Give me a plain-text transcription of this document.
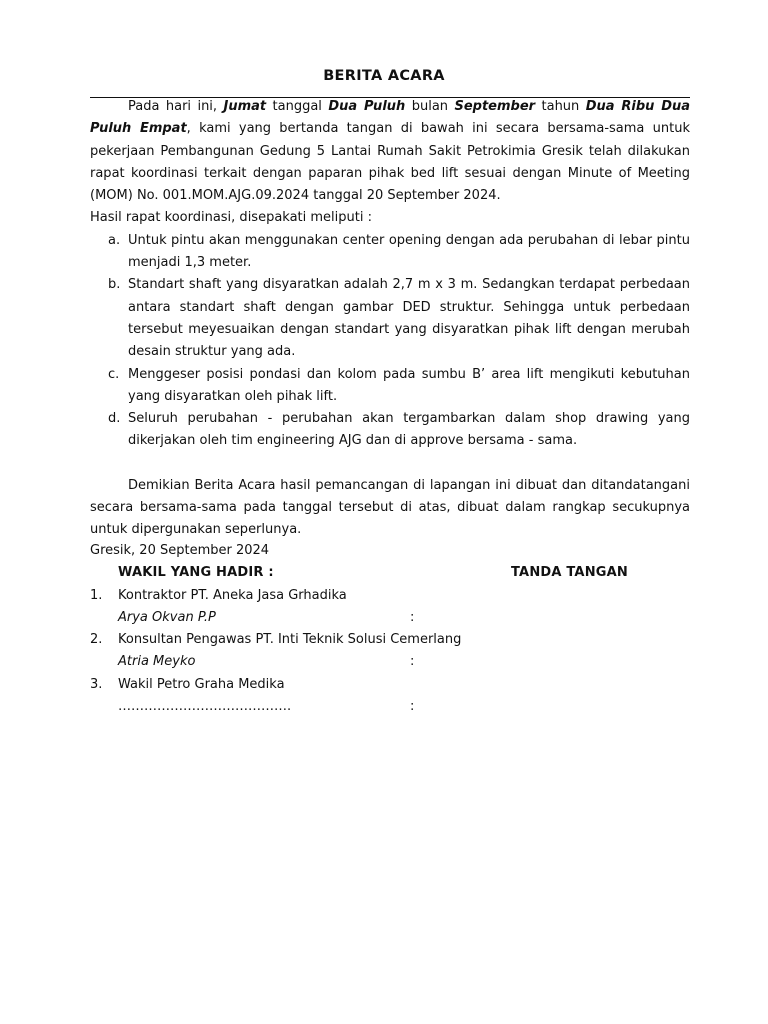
BERITA ACARA

Pada hari ini, Jumat tanggal Dua Puluh bulan September tahun Dua Ribu Dua Puluh Empat, kami yang bertanda tangan di bawah ini secara bersama-sama untuk pekerjaan Pembangunan Gedung 5 Lantai Rumah Sakit Petrokimia Gresik telah dilakukan rapat koordinasi terkait dengan paparan pihak bed lift sesuai dengan Minute of Meeting (MOM) No. 001.MOM.AJG.09.2024 tanggal 20 September 2024.

Hasil rapat koordinasi, disepakati meliputi :

a. Untuk pintu akan menggunakan center opening dengan ada perubahan di lebar pintu menjadi 1,3 meter.
b. Standart shaft yang disyaratkan adalah 2,7 m x 3 m. Sedangkan terdapat perbedaan antara standart shaft dengan gambar DED struktur. Sehingga untuk perbedaan tersebut meyesuaikan dengan standart yang disyaratkan pihak lift dengan merubah desain struktur yang ada.
c. Menggeser posisi pondasi dan kolom pada sumbu B’ area lift mengikuti kebutuhan yang disyaratkan oleh pihak lift.
d. Seluruh perubahan - perubahan akan tergambarkan dalam shop drawing yang dikerjakan oleh tim engineering AJG dan di approve bersama - sama.

Demikian Berita Acara hasil pemancangan di lapangan ini dibuat dan ditandatangani secara bersama-sama pada tanggal tersebut di atas, dibuat dalam rangkap secukupnya untuk dipergunakan seperlunya.

Gresik, 20 September 2024
WAKIL YANG HADIR :	TANDA TANGAN
1. Kontraktor PT. Aneka Jasa Grhadika
Arya Okvan P.P	:
2. Konsultan Pengawas PT. Inti Teknik Solusi Cemerlang
Atria Meyko	:
3. Wakil Petro Graha Medika
………………………………….	:
